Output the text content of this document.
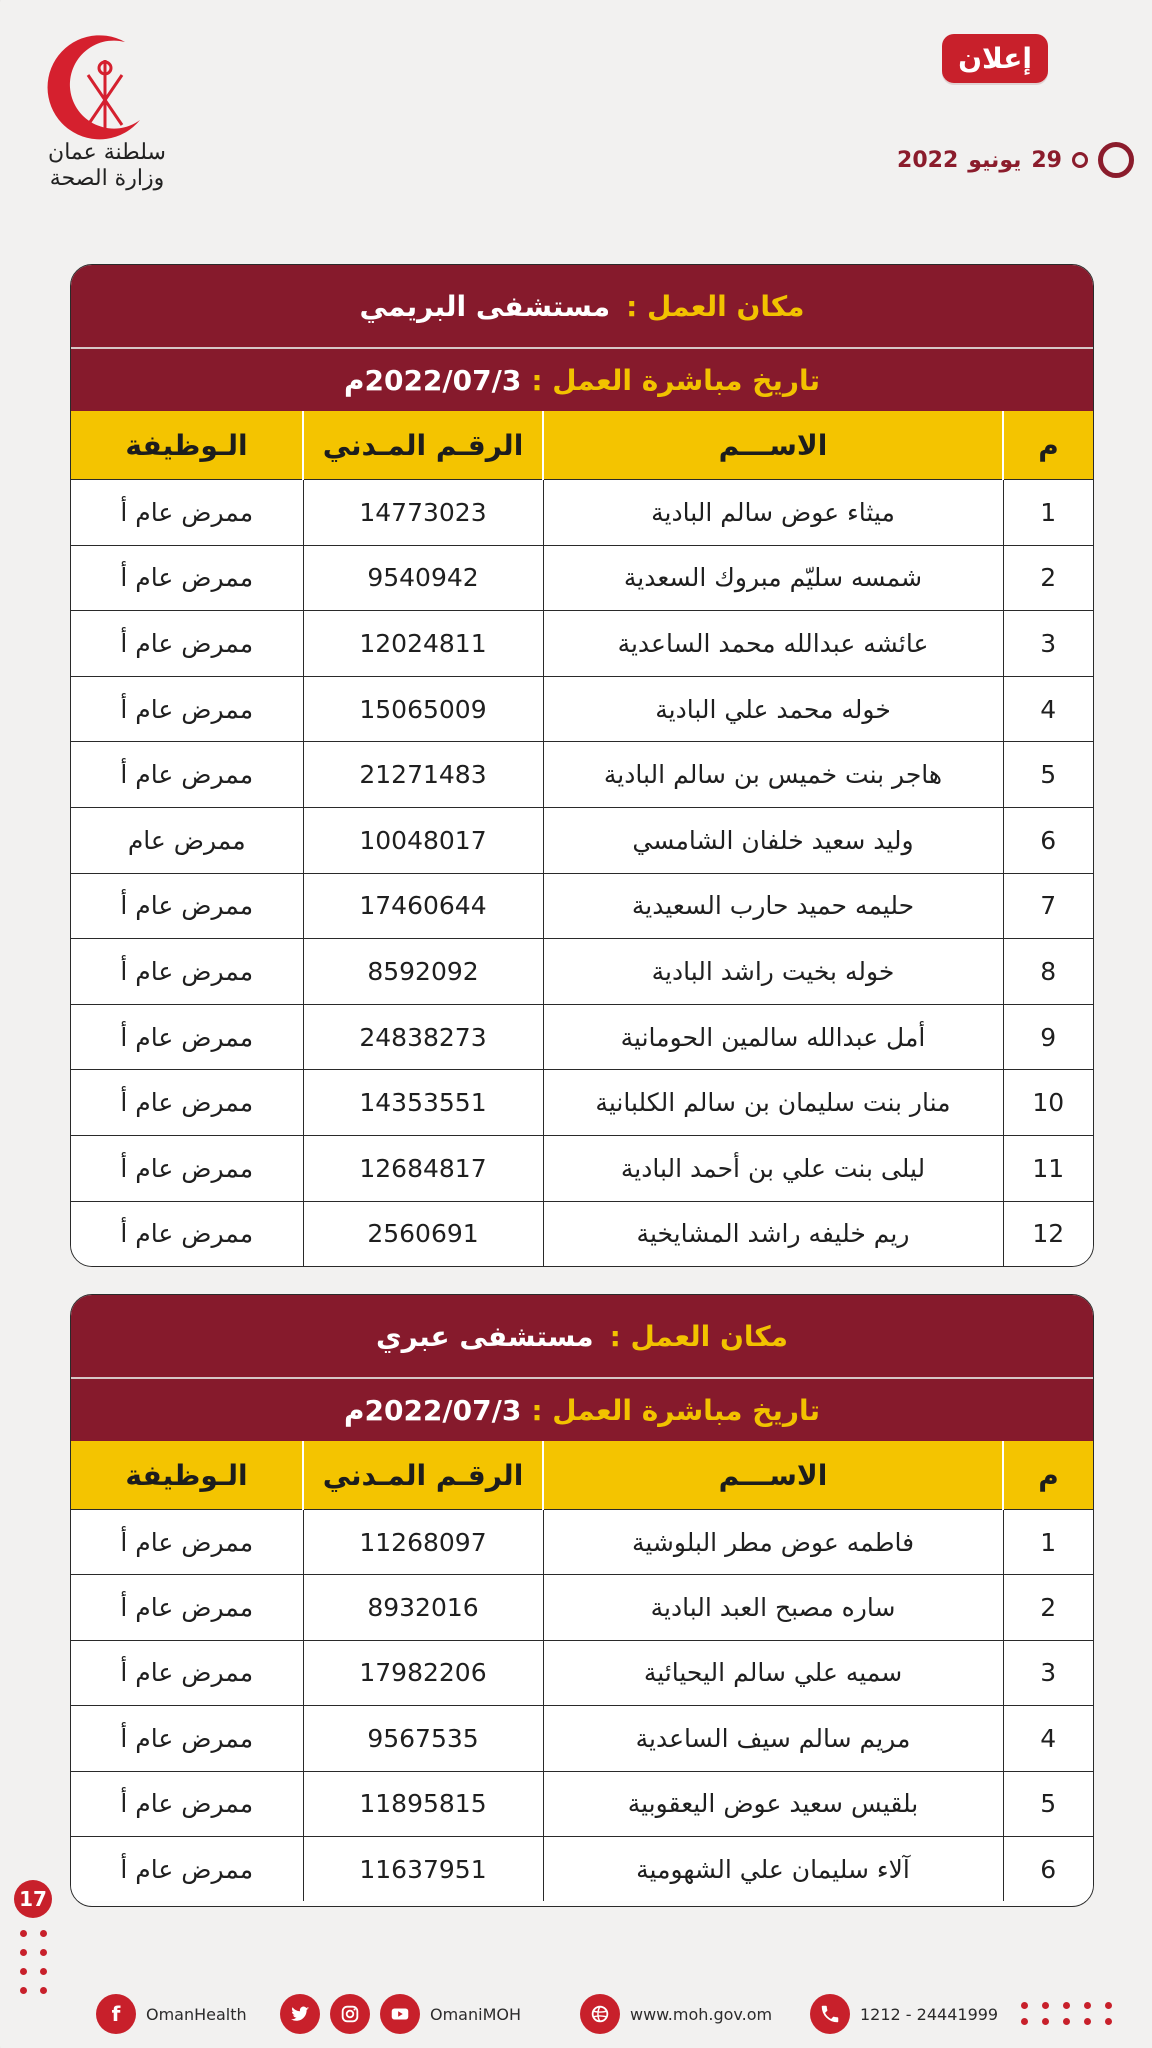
سلطنة عمان
وزارة الصحة
إعلان
2022 يونيو 29
مكان العمل :
مستشفى البريمي
تاريخ مباشرة العمل :
2022/07/3م
م	الاســـم	الرقـم المـدني	الـوظيفة
1	ميثاء عوض سالم البادية	14773023	ممرض عام أ
2	شمسه سليّم مبروك السعدية	9540942	ممرض عام أ
3	عائشه عبدالله محمد الساعدية	12024811	ممرض عام أ
4	خوله محمد علي البادية	15065009	ممرض عام أ
5	هاجر بنت خميس بن سالم البادية	21271483	ممرض عام أ
6	وليد سعيد خلفان الشامسي	10048017	ممرض عام
7	حليمه حميد حارب السعيدية	17460644	ممرض عام أ
8	خوله بخيت راشد البادية	8592092	ممرض عام أ
9	أمل عبدالله سالمين الحومانية	24838273	ممرض عام أ
10	منار بنت سليمان بن سالم الكلبانية	14353551	ممرض عام أ
11	ليلى بنت علي بن أحمد البادية	12684817	ممرض عام أ
12	ريم خليفه راشد المشايخية	2560691	ممرض عام أ
مكان العمل :
مستشفى عبري
تاريخ مباشرة العمل :
2022/07/3م
م	الاســـم	الرقـم المـدني	الـوظيفة
1	فاطمه عوض مطر البلوشية	11268097	ممرض عام أ
2	ساره مصبح العبد البادية	8932016	ممرض عام أ
3	سميه علي سالم اليحيائية	17982206	ممرض عام أ
4	مريم سالم سيف الساعدية	9567535	ممرض عام أ
5	بلقيس سعيد عوض اليعقوبية	11895815	ممرض عام أ
6	آلاء سليمان علي الشهومية	11637951	ممرض عام أ
17
f	OmanHealth	OmaniMOH	www.moh.gov.om	1212 - 24441999
